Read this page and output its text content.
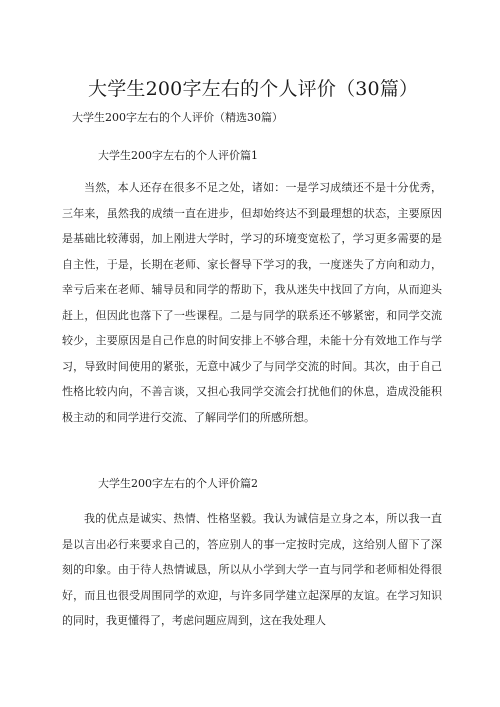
大学生200字左右的个人评价（30篇）
大学生200字左右的个人评价（精选30篇）
大学生200字左右的个人评价篇1

当然，本人还存在很多不足之处，诸如：一是学习成绩还不是十分优秀，三年来，虽然我的成绩一直在进步，但却始终达不到最理想的状态，主要原因是基础比较薄弱，加上刚进大学时，学习的环境变宽松了，学习更多需要的是自主性，于是，长期在老师、家长督导下学习的我，一度迷失了方向和动力，幸亏后来在老师、辅导员和同学的帮助下，我从迷失中找回了方向，从而迎头赶上，但因此也落下了一些课程。二是与同学的联系还不够紧密，和同学交流较少，主要原因是自己作息的时间安排上不够合理，未能十分有效地工作与学习，导致时间使用的紧张，无意中减少了与同学交流的时间。其次，由于自己性格比较内向，不善言谈，又担心我同学交流会打扰他们的休息，造成没能积极主动的和同学进行交流、了解同学们的所感所想。

大学生200字左右的个人评价篇2

我的优点是诚实、热情、性格坚毅。我认为诚信是立身之本，所以我一直是以言出必行来要求自己的，答应别人的事一定按时完成，这给别人留下了深刻的印象。由于待人热情诚恳，所以从小学到大学一直与同学和老师相处得很好，而且也很受周围同学的欢迎，与许多同学建立起深厚的友谊。在学习知识的同时，我更懂得了，考虑问题应周到，这在我处理人
